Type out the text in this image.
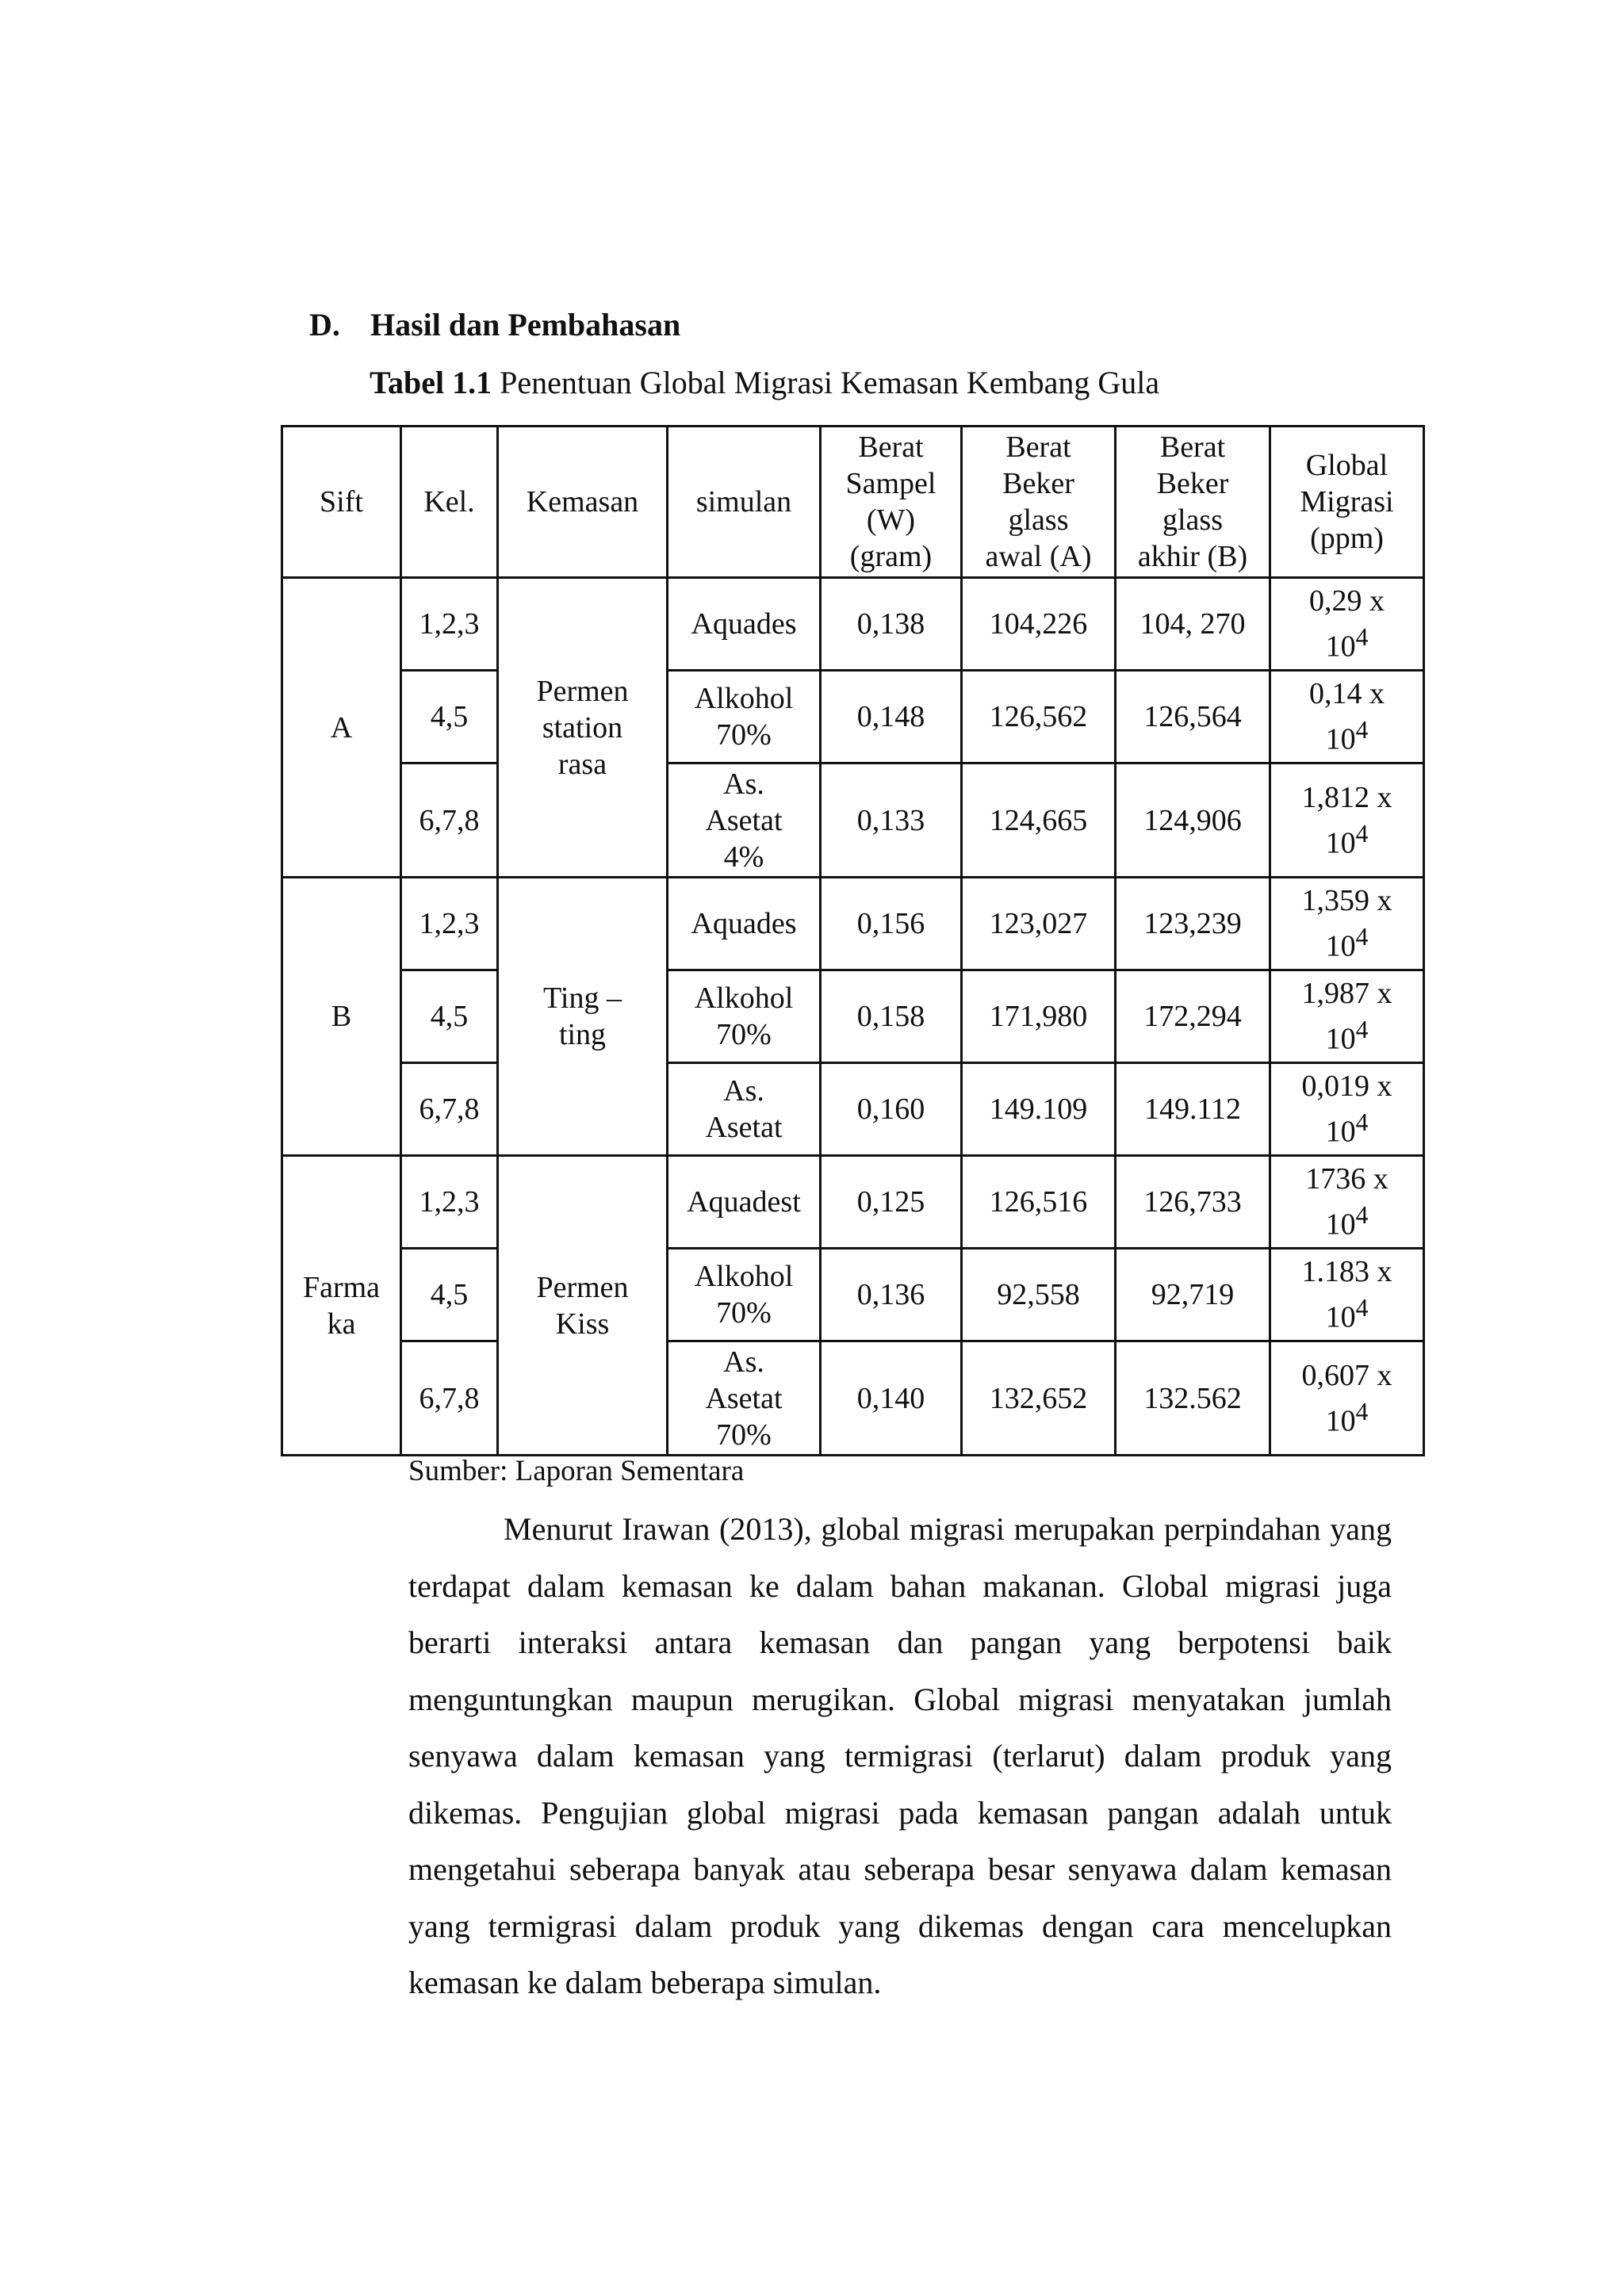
D. Hasil dan Pembahasan
Tabel 1.1 Penentuan Global Migrasi Kemasan Kembang Gula
Sift	Kel.	Kemasan	simulan	Berat
Sampel
(W)
(gram)	Berat
Beker
glass
awal (A)	Berat
Beker
glass
akhir (B)	Global
Migrasi
(ppm)
A	1,2,3	Permen
station
rasa	Aquades	0,138	104,226	104, 270	0,29 x
$10^4$
	4,5		Alkohol
70%	0,148	126,562	126,564	0,14 x
$10^4$
	6,7,8		As.
Asetat
4%	0,133	124,665	124,906	1,812 x
$10^4$
B	1,2,3	Ting –
ting	Aquades	0,156	123,027	123,239	1,359 x
$10^4$
	4,5		Alkohol
70%	0,158	171,980	172,294	1,987 x
$10^4$
	6,7,8		As.
Asetat	0,160	149.109	149.112	0,019 x
$10^4$
Farma
ka	1,2,3	Permen
Kiss	Aquadest	0,125	126,516	126,733	1736 x
$10^4$
	4,5		Alkohol
70%	0,136	92,558	92,719	1.183 x
$10^4$
	6,7,8		As.
Asetat
70%	0,140	132,652	132.562	0,607 x
$10^4$
Sumber: Laporan Sementara
Menurut Irawan (2013), global migrasi merupakan perpindahan yang terdapat dalam kemasan ke dalam bahan makanan. Global migrasi juga berarti interaksi antara kemasan dan pangan yang berpotensi baik menguntungkan maupun merugikan. Global migrasi menyatakan jumlah senyawa dalam kemasan yang termigrasi (terlarut) dalam produk yang dikemas. Pengujian global migrasi pada kemasan pangan adalah untuk mengetahui seberapa banyak atau seberapa besar senyawa dalam kemasan yang termigrasi dalam produk yang dikemas dengan cara mencelupkan kemasan ke dalam beberapa simulan.
